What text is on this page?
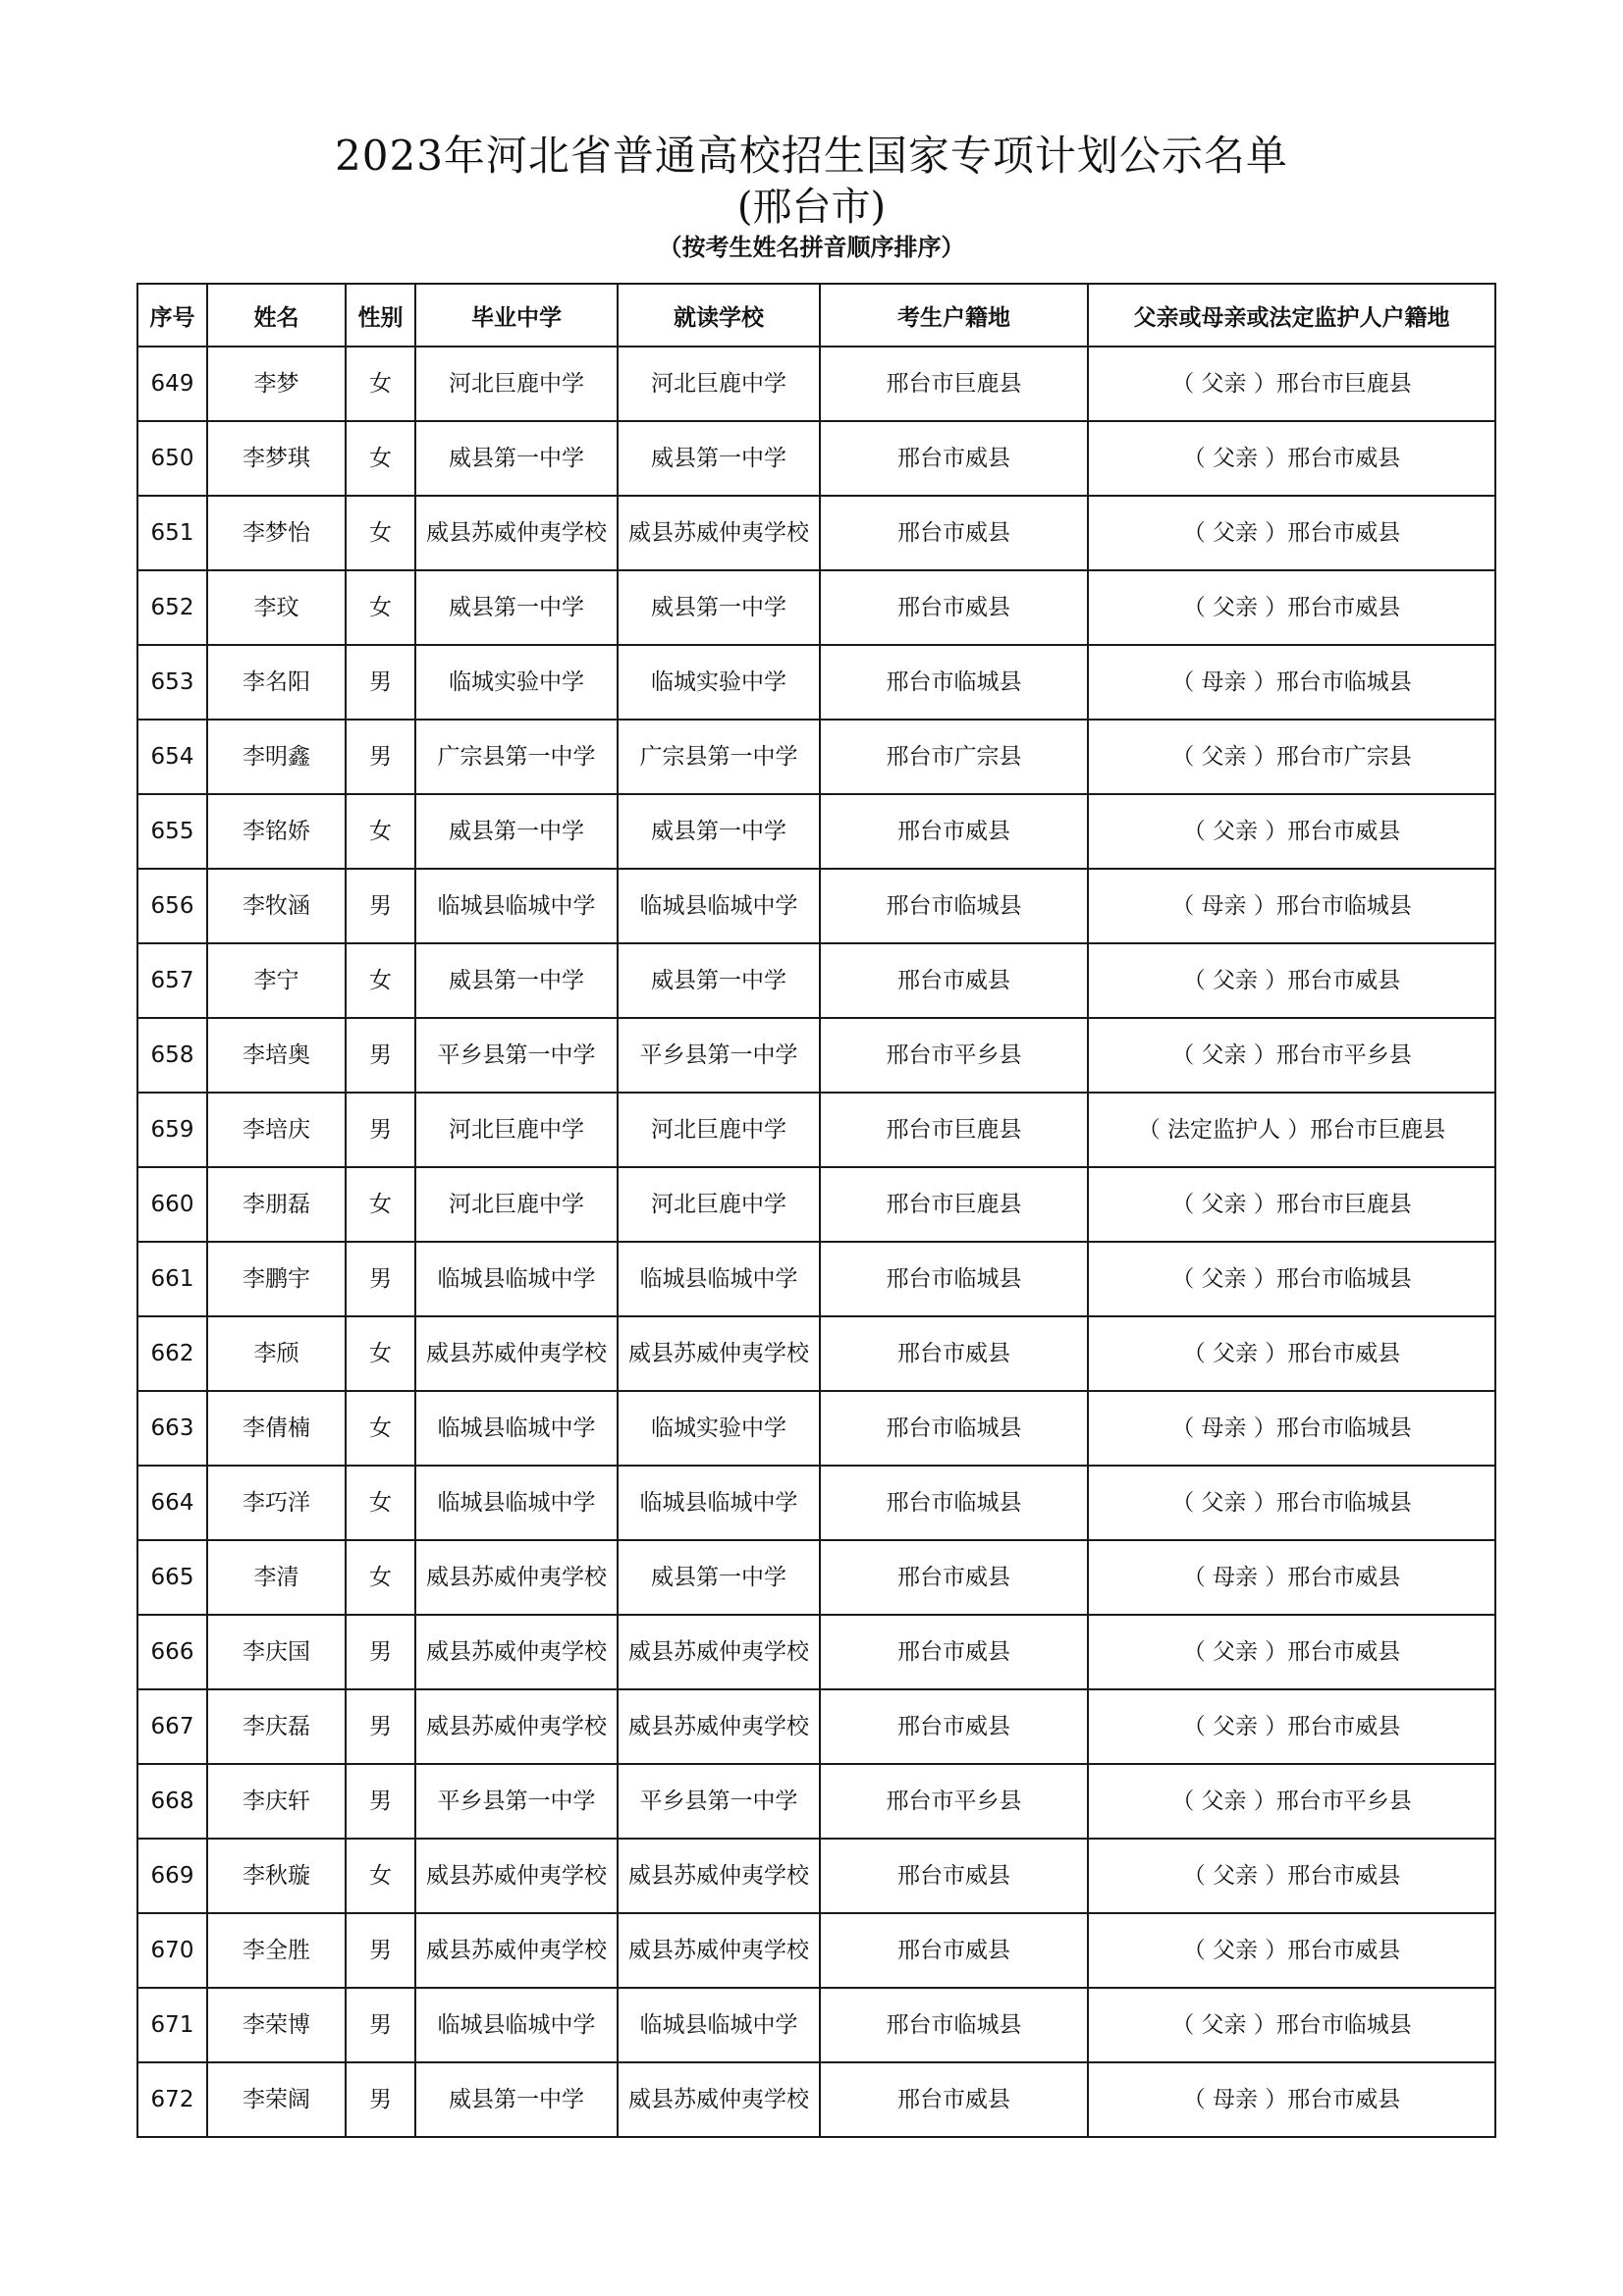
2023年河北省普通高校招生国家专项计划公示名单
(邢台市)
（按考生姓名拼音顺序排序）
序号	姓名	性别	毕业中学	就读学校	考生户籍地	父亲或母亲或法定监护人户籍地
649	李梦	女	河北巨鹿中学	河北巨鹿中学	邢台市巨鹿县	（ 父亲 ）邢台市巨鹿县
650	李梦琪	女	威县第一中学	威县第一中学	邢台市威县	（ 父亲 ）邢台市威县
651	李梦怡	女	威县苏威仲夷学校	威县苏威仲夷学校	邢台市威县	（ 父亲 ）邢台市威县
652	李玟	女	威县第一中学	威县第一中学	邢台市威县	（ 父亲 ）邢台市威县
653	李名阳	男	临城实验中学	临城实验中学	邢台市临城县	（ 母亲 ）邢台市临城县
654	李明鑫	男	广宗县第一中学	广宗县第一中学	邢台市广宗县	（ 父亲 ）邢台市广宗县
655	李铭娇	女	威县第一中学	威县第一中学	邢台市威县	（ 父亲 ）邢台市威县
656	李牧涵	男	临城县临城中学	临城县临城中学	邢台市临城县	（ 母亲 ）邢台市临城县
657	李宁	女	威县第一中学	威县第一中学	邢台市威县	（ 父亲 ）邢台市威县
658	李培奥	男	平乡县第一中学	平乡县第一中学	邢台市平乡县	（ 父亲 ）邢台市平乡县
659	李培庆	男	河北巨鹿中学	河北巨鹿中学	邢台市巨鹿县	（ 法定监护人 ）邢台市巨鹿县
660	李朋磊	女	河北巨鹿中学	河北巨鹿中学	邢台市巨鹿县	（ 父亲 ）邢台市巨鹿县
661	李鹏宇	男	临城县临城中学	临城县临城中学	邢台市临城县	（ 父亲 ）邢台市临城县
662	李颀	女	威县苏威仲夷学校	威县苏威仲夷学校	邢台市威县	（ 父亲 ）邢台市威县
663	李倩楠	女	临城县临城中学	临城实验中学	邢台市临城县	（ 母亲 ）邢台市临城县
664	李巧洋	女	临城县临城中学	临城县临城中学	邢台市临城县	（ 父亲 ）邢台市临城县
665	李清	女	威县苏威仲夷学校	威县第一中学	邢台市威县	（ 母亲 ）邢台市威县
666	李庆国	男	威县苏威仲夷学校	威县苏威仲夷学校	邢台市威县	（ 父亲 ）邢台市威县
667	李庆磊	男	威县苏威仲夷学校	威县苏威仲夷学校	邢台市威县	（ 父亲 ）邢台市威县
668	李庆轩	男	平乡县第一中学	平乡县第一中学	邢台市平乡县	（ 父亲 ）邢台市平乡县
669	李秋璇	女	威县苏威仲夷学校	威县苏威仲夷学校	邢台市威县	（ 父亲 ）邢台市威县
670	李全胜	男	威县苏威仲夷学校	威县苏威仲夷学校	邢台市威县	（ 父亲 ）邢台市威县
671	李荣博	男	临城县临城中学	临城县临城中学	邢台市临城县	（ 父亲 ）邢台市临城县
672	李荣阔	男	威县第一中学	威县苏威仲夷学校	邢台市威县	（ 母亲 ）邢台市威县
